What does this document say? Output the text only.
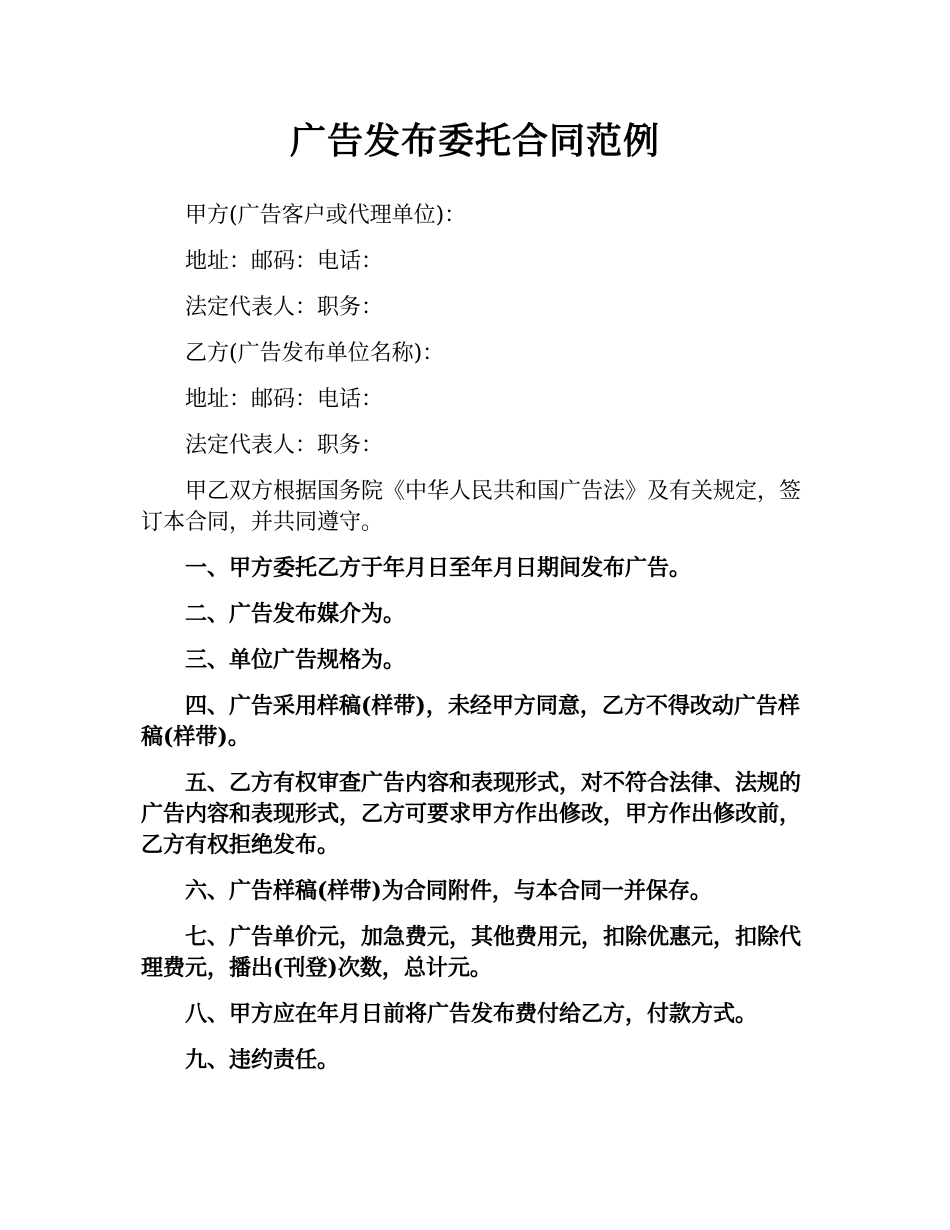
广告发布委托合同范例

甲方(广告客户或代理单位)：

地址：邮码：电话：

法定代表人：职务：

乙方(广告发布单位名称)：

地址：邮码：电话：

法定代表人：职务：

甲乙双方根据国务院《中华人民共和国广告法》及有关规定，签订本合同，并共同遵守。

一、甲方委托乙方于年月日至年月日期间发布广告。

二、广告发布媒介为。

三、单位广告规格为。

四、广告采用样稿(样带)，未经甲方同意，乙方不得改动广告样稿(样带)。

五、乙方有权审查广告内容和表现形式，对不符合法律、法规的广告内容和表现形式，乙方可要求甲方作出修改，甲方作出修改前，乙方有权拒绝发布。

六、广告样稿(样带)为合同附件，与本合同一并保存。

七、广告单价元，加急费元，其他费用元，扣除优惠元，扣除代理费元，播出(刊登)次数，总计元。

八、甲方应在年月日前将广告发布费付给乙方，付款方式。

九、违约责任。
